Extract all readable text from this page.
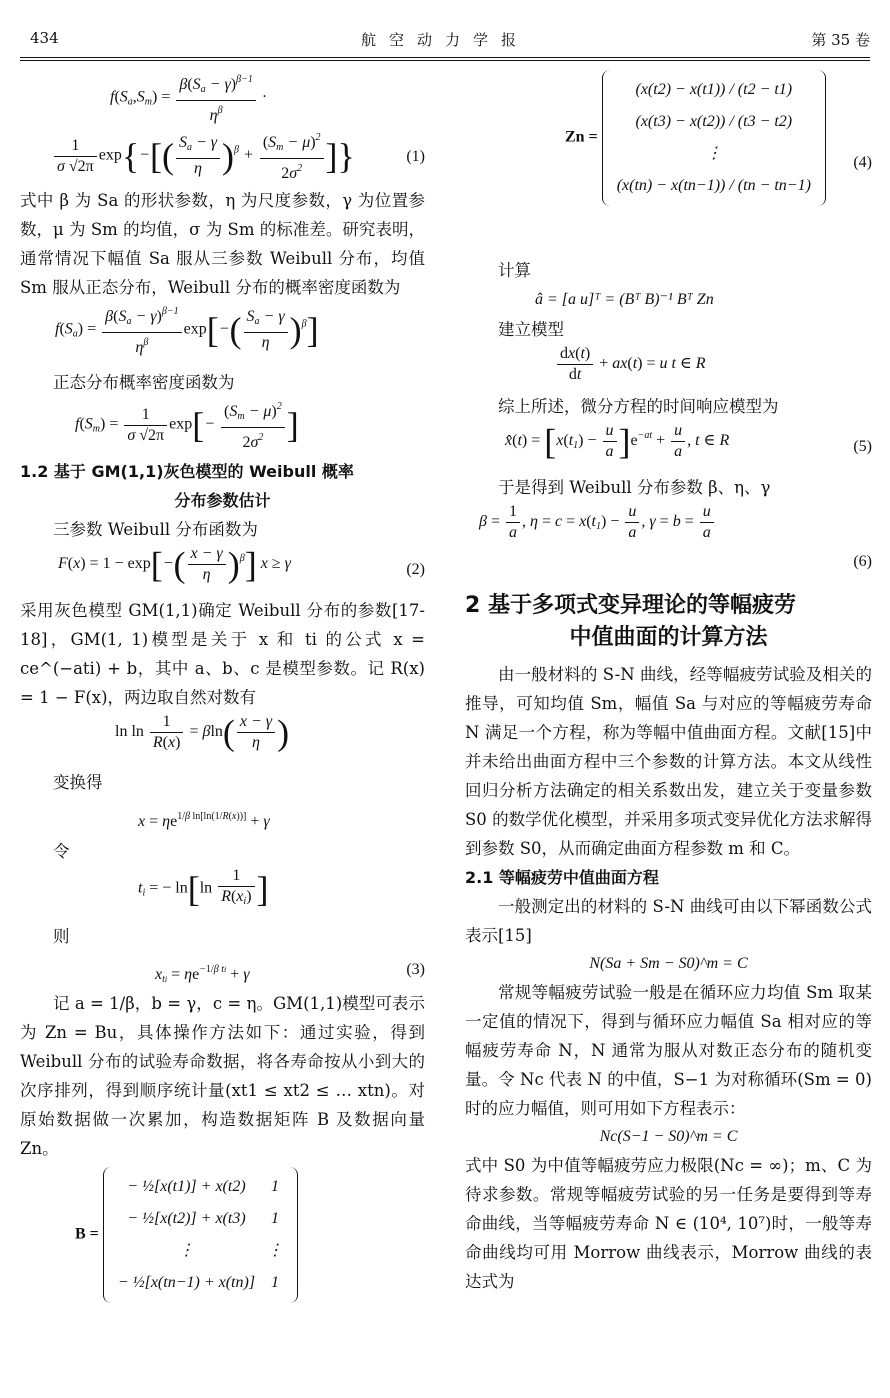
434	航空动力学报	第 35 卷
$f(S_a,S_m) = \frac{\beta(S_a - \gamma)^{\beta-1}}{\eta^\beta}$ ·
$\frac{1}{\sigma √2\pi} \exp\{-[( \frac{S_a - \gamma}{\eta} )^\beta + \frac{(S_m - \mu)^2}{2\sigma^2}$ ]}	(1)

式中 β 为 Sa 的形状参数，η 为尺度参数，γ 为位置参数，μ 为 Sm 的均值，σ 为 Sm 的标准差。研究表明，通常情况下幅值 Sa 服从三参数 Weibull 分布，均值 Sm 服从正态分布，Weibull 分布的概率密度函数为

$f(S_a) = \frac{\beta(S_a - \gamma)^{\beta-1}}{\eta^\beta} \exp[-( \frac{S_a - \gamma}{\eta} )^\beta]$

正态分布概率密度函数为

$f(S_m) = \frac{1}{\sigma √2\pi} \exp[- \frac{(S_m - \mu)^2}{2\sigma^2}$ ]

1.2 基于 GM(1,1)灰色模型的 Weibull 概率

分布参数估计

三参数 Weibull 分布函数为

$F(x) = 1 - \exp[-( \frac{x - \gamma}{\eta} )^\beta]$ x ≥ γ	(2)

采用灰色模型 GM(1,1)确定 Weibull 分布的参数[17-18]，GM(1, 1)模型是关于 x 和 ti 的公式 x = ce^(−ati) + b，其中 a、b、c 是模型参数。记 R(x) = 1 − F(x)，两边取自然对数有

$\ln \ln \frac{1}{R(x)} = \beta\ln( \frac{x - \gamma}{\eta}$ )

变换得

$x = \eta e^{1/\beta ln[ln(1/R(x))]} + \gamma$

令

$t_i$ = − $\ln[\ln \frac{1}{R(x_i)}$ ]

则

$x_{ti} = \eta e^{-1/\beta ti} + \gamma$	(3)

记 a = 1/β，b = γ，c = η。GM(1,1)模型可表示为 Zn = Bu，具体操作方法如下：通过实验，得到 Weibull 分布的试验寿命数据，将各寿命按从小到大的次序排列，得到顺序统计量(xt1 ≤ xt2 ≤ … xtn)。对原始数据做一次累加，构造数据矩阵 B 及数据向量 Zn。

B =
− ½[x(t1)] + x(t2)	1
− ½[x(t2)] + x(t3)	1
⋮	⋮
− ½[x(tn−1) + x(tn)]	1
Zn =
(x(t2) − x(t1)) / (t2 − t1)
(x(t3) − x(t2)) / (t3 − t2)
⋮
(x(tn) − x(tn−1)) / (tn − tn−1)
(4)

计算

â = [a u]ᵀ = (Bᵀ B)⁻¹ Bᵀ Zn

建立模型

$\frac{dx(t)}{dt} + ax(t) = u$ t ∈ R

综上所述，微分方程的时间响应模型为

x̂(t) = $[x(t_1) - \frac{u}{a} ]e^{-at} + \frac{u}{a}$ , t ∈ R	(5)

于是得到 Weibull 分布参数 β、η、γ

$\beta = \frac{1}{a}$ , $\eta = c = x(t_1) - \frac{u}{a}$ , $\gamma = b = \frac{u}{a}$
(6)

2 基于多项式变异理论的等幅疲劳

中值曲面的计算方法

由一般材料的 S-N 曲线，经等幅疲劳试验及相关的推导，可知均值 Sm，幅值 Sa 与对应的等幅疲劳寿命 N 满足一个方程，称为等幅中值曲面方程。文献[15]中并未给出曲面方程中三个参数的计算方法。本文从线性回归分析方法确定的相关系数出发，建立关于变量参数 S0 的数学优化模型，并采用多项式变异优化方法求解得到参数 S0，从而确定曲面方程参数 m 和 C。

2.1 等幅疲劳中值曲面方程

一般测定出的材料的 S-N 曲线可由以下幂函数公式表示[15]

N(Sa + Sm − S0)^m = C

常规等幅疲劳试验一般是在循环应力均值 Sm 取某一定值的情况下，得到与循环应力幅值 Sa 相对应的等幅疲劳寿命 N，N 通常为服从对数正态分布的随机变量。令 Nc 代表 N 的中值，S−1 为对称循环(Sm = 0)时的应力幅值，则可用如下方程表示：

Nc(S−1 − S0)^m = C

式中 S0 为中值等幅疲劳应力极限(Nc = ∞)；m、C 为待求参数。常规等幅疲劳试验的另一任务是要得到等寿命曲线，当等幅疲劳寿命 N ∈ (10⁴, 10⁷)时，一般等寿命曲线均可用 Morrow 曲线表示，Morrow 曲线的表达式为
